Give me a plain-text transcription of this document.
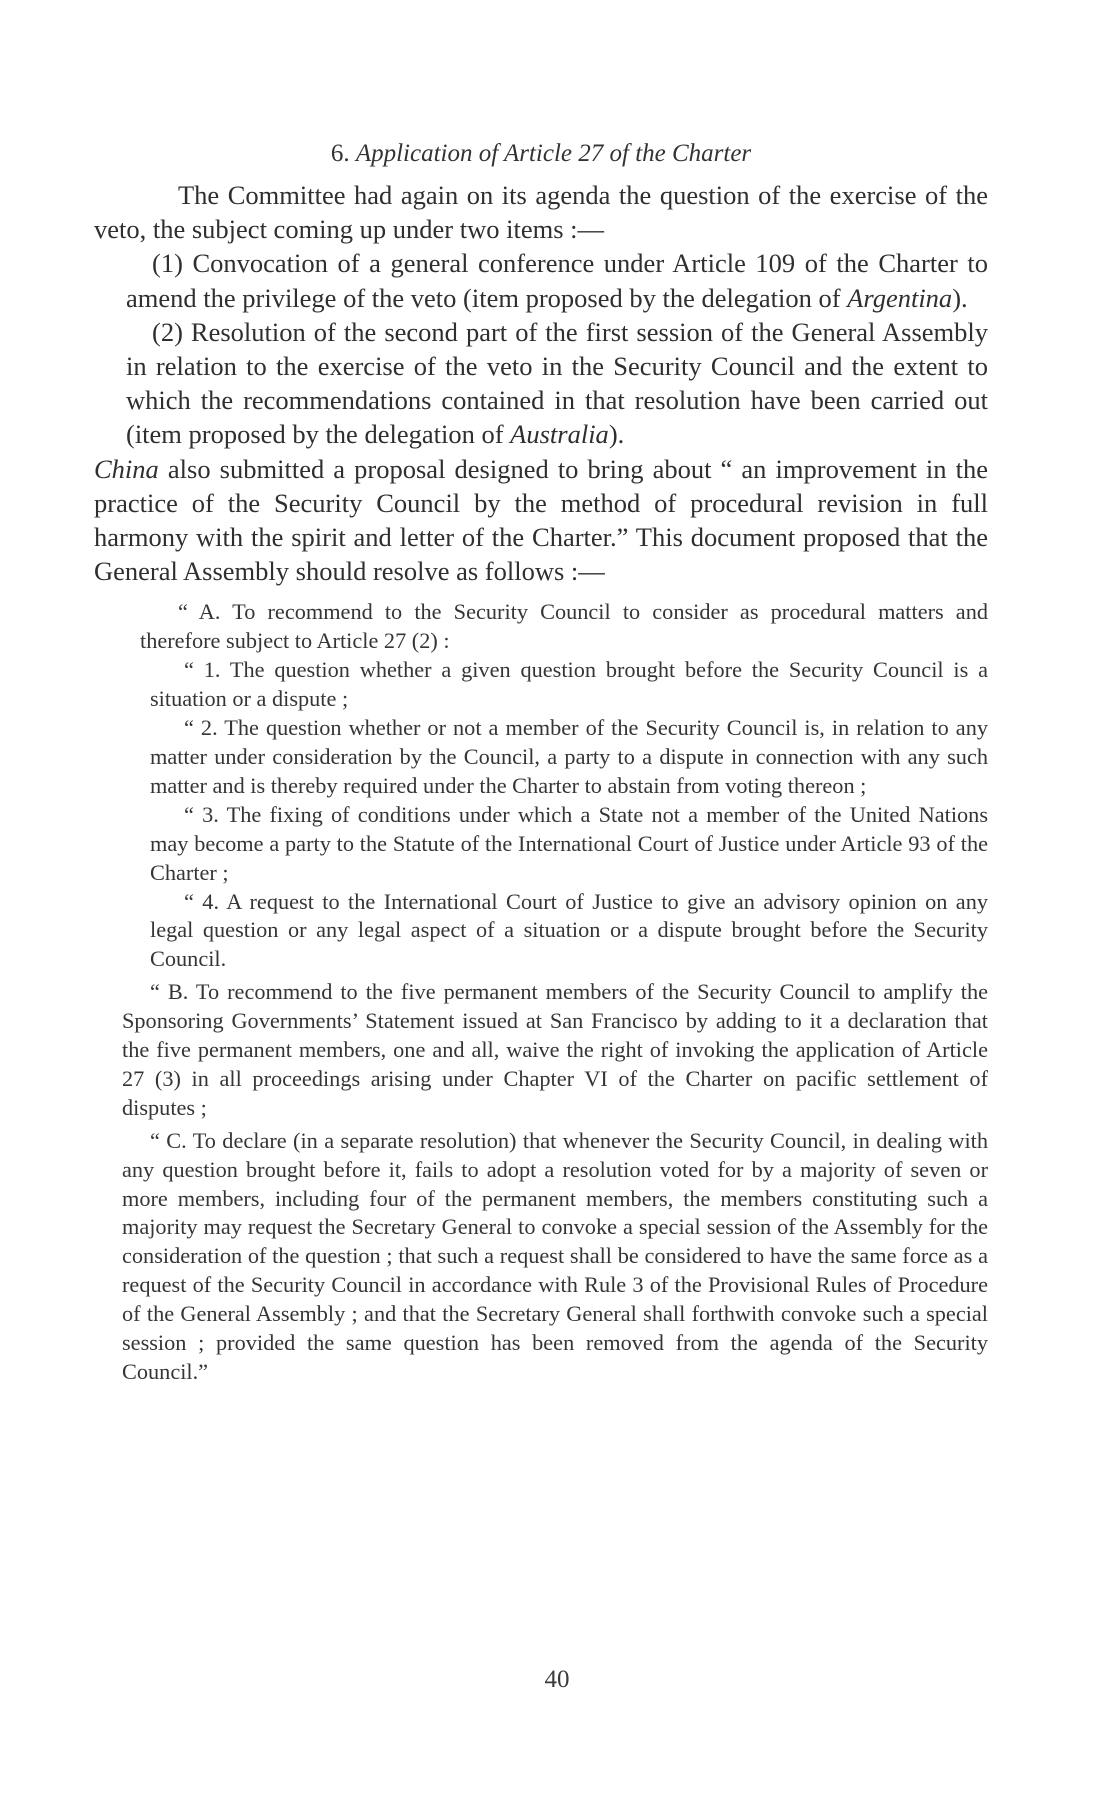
6. Application of Article 27 of the Charter

The Committee had again on its agenda the question of the exercise of the veto, the subject coming up under two items :—

(1) Convocation of a general conference under Article 109 of the Charter to amend the privilege of the veto (item proposed by the delegation of Argentina).

(2) Resolution of the second part of the first session of the General Assembly in relation to the exercise of the veto in the Security Council and the extent to which the recommendations contained in that resolution have been carried out (item proposed by the delegation of Australia).

China also submitted a proposal designed to bring about “ an improvement in the practice of the Security Council by the method of procedural revision in full harmony with the spirit and letter of the Charter.” This document proposed that the General Assembly should resolve as follows :—

“ A. To recommend to the Security Council to consider as procedural matters and therefore subject to Article 27 (2) :

“ 1. The question whether a given question brought before the Security Council is a situation or a dispute ;

“ 2. The question whether or not a member of the Security Council is, in relation to any matter under consideration by the Council, a party to a dispute in connection with any such matter and is thereby required under the Charter to abstain from voting thereon ;

“ 3. The fixing of conditions under which a State not a member of the United Nations may become a party to the Statute of the International Court of Justice under Article 93 of the Charter ;

“ 4. A request to the International Court of Justice to give an advisory opinion on any legal question or any legal aspect of a situation or a dispute brought before the Security Council.

“ B. To recommend to the five permanent members of the Security Council to amplify the Sponsoring Governments’ Statement issued at San Francisco by adding to it a declaration that the five permanent members, one and all, waive the right of invoking the application of Article 27 (3) in all proceedings arising under Chapter VI of the Charter on pacific settlement of disputes ;

“ C. To declare (in a separate resolution) that whenever the Security Council, in dealing with any question brought before it, fails to adopt a resolution voted for by a majority of seven or more members, including four of the permanent members, the members constituting such a majority may request the Secretary General to convoke a special session of the Assembly for the consideration of the question ; that such a request shall be considered to have the same force as a request of the Security Council in accordance with Rule 3 of the Provisional Rules of Procedure of the General Assembly ; and that the Secretary General shall forthwith convoke such a special session ; provided the same question has been removed from the agenda of the Security Council.”

40
